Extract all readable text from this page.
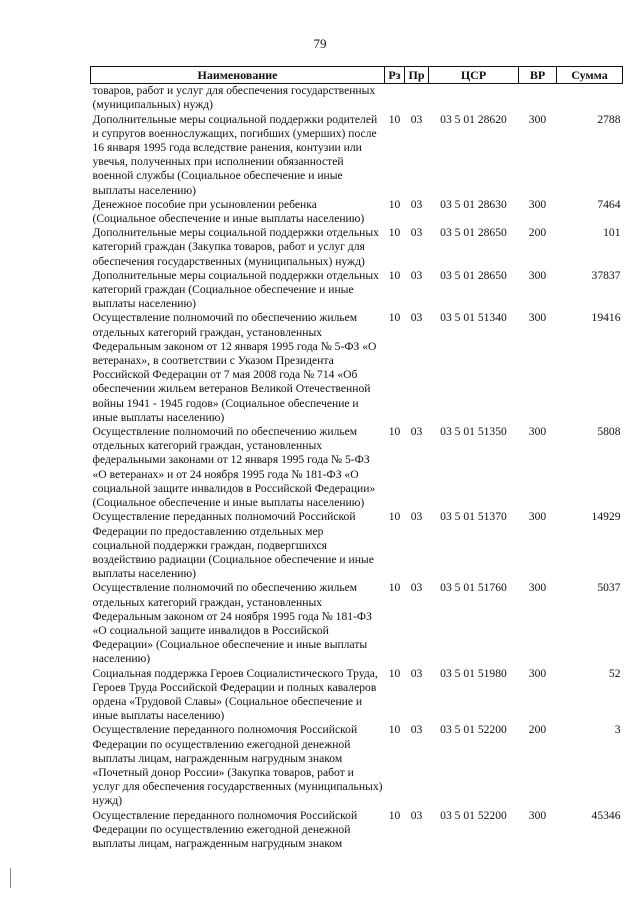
79
Наименование	Рз	Пр	ЦСР	ВР	Сумма
товаров, работ и услуг для обеспечения государственных (муниципальных) нужд)					
Дополнительные меры социальной поддержки родителей и супругов военнослужащих, погибших (умерших) после 16 января 1995 года вследствие ранения, контузии или увечья, полученных при исполнении обязанностей военной службы (Социальное обеспечение и иные выплаты населению)	10	03	03 5 01 28620	300	2788
Денежное пособие при усыновлении ребенка (Социальное обеспечение и иные выплаты населению)	10	03	03 5 01 28630	300	7464
Дополнительные меры социальной поддержки отдельных категорий граждан (Закупка товаров, работ и услуг для обеспечения государственных (муниципальных) нужд)	10	03	03 5 01 28650	200	101
Дополнительные меры социальной поддержки отдельных категорий граждан (Социальное обеспечение и иные выплаты населению)	10	03	03 5 01 28650	300	37837
Осуществление полномочий по обеспечению жильем отдельных категорий граждан, установленных Федеральным законом от 12 января 1995 года № 5-ФЗ «О ветеранах», в соответствии с Указом Президента Российской Федерации от 7 мая 2008 года № 714 «Об обеспечении жильем ветеранов Великой Отечественной войны 1941 - 1945 годов» (Социальное обеспечение и иные выплаты населению)	10	03	03 5 01 51340	300	19416
Осуществление полномочий по обеспечению жильем отдельных категорий граждан, установленных федеральными законами от 12 января 1995 года № 5-ФЗ «О ветеранах» и от 24 ноября 1995 года № 181-ФЗ «О социальной защите инвалидов в Российской Федерации» (Социальное обеспечение и иные выплаты населению)	10	03	03 5 01 51350	300	5808
Осуществление переданных полномочий Российской Федерации по предоставлению отдельных мер социальной поддержки граждан, подвергшихся воздействию радиации (Социальное обеспечение и иные выплаты населению)	10	03	03 5 01 51370	300	14929
Осуществление полномочий по обеспечению жильем отдельных категорий граждан, установленных Федеральным законом от 24 ноября 1995 года № 181-ФЗ «О социальной защите инвалидов в Российской Федерации» (Социальное обеспечение и иные выплаты населению)	10	03	03 5 01 51760	300	5037
Социальная поддержка Героев Социалистического Труда, Героев Труда Российской Федерации и полных кавалеров ордена «Трудовой Славы» (Социальное обеспечение и иные выплаты населению)	10	03	03 5 01 51980	300	52
Осуществление переданного полномочия Российской Федерации по осуществлению ежегодной денежной выплаты лицам, награжденным нагрудным знаком «Почетный донор России» (Закупка товаров, работ и услуг для обеспечения государственных (муниципальных) нужд)	10	03	03 5 01 52200	200	3
Осуществление переданного полномочия Российской Федерации по осуществлению ежегодной денежной выплаты лицам, награжденным нагрудным знаком	10	03	03 5 01 52200	300	45346
